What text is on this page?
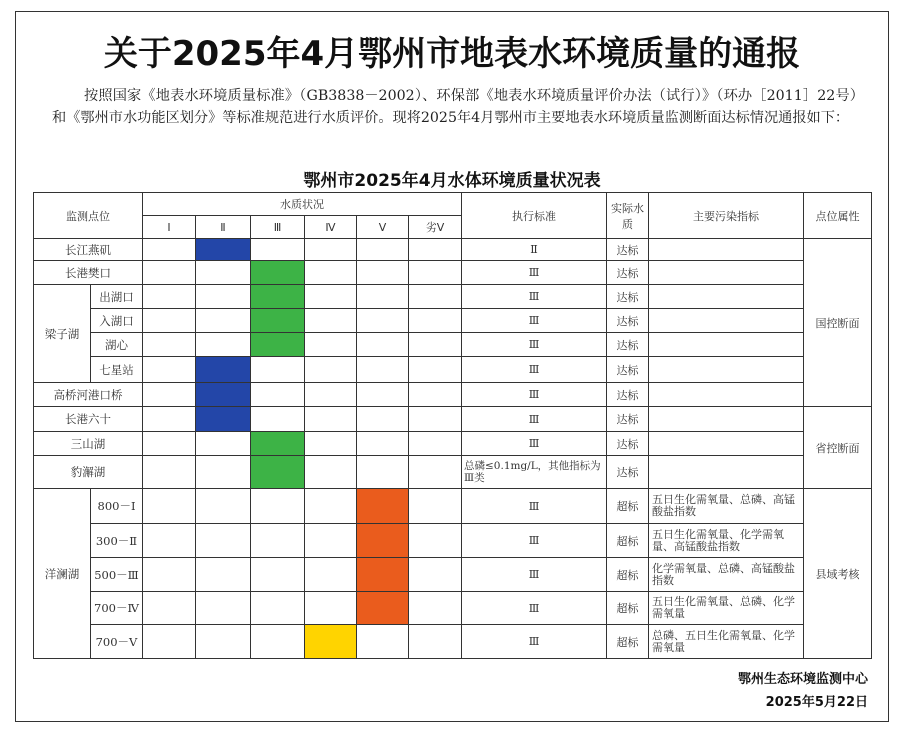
关于2025年4月鄂州市地表水环境质量的通报
按照国家《地表水环境质量标准》（GB3838－2002）、环保部《地表水环境质量评价办法（试行）》（环办［2011］22号）和《鄂州市水功能区划分》等标准规范进行水质评价。现将2025年4月鄂州市主要地表水环境质量监测断面达标情况通报如下：
鄂州市2025年4月水体环境质量状况表
监测点位		水质状况						执行标准	实际水质	主要污染指标	点位属性
		Ⅰ	Ⅱ	Ⅲ	Ⅳ	Ⅴ	劣Ⅴ				
长江燕矶								Ⅱ	达标		国控断面
长港樊口								Ⅲ	达标		
梁子湖	出湖口							Ⅲ	达标		
	入湖口							Ⅲ	达标		
	湖心							Ⅲ	达标		
	七星站							Ⅲ	达标		
高桥河港口桥								Ⅲ	达标		
长港六十								Ⅲ	达标		省控断面
三山湖								Ⅲ	达标		
豹澥湖								总磷≤0.1mg/L，其他指标为Ⅲ类	达标		
洋澜湖	800－Ⅰ							Ⅲ	超标	五日生化需氧量、总磷、高锰酸盐指数	县域考核
	300－Ⅱ							Ⅲ	超标	五日生化需氧量、化学需氧量、高锰酸盐指数	
	500－Ⅲ							Ⅲ	超标	化学需氧量、总磷、高锰酸盐指数	
	700－Ⅳ							Ⅲ	超标	五日生化需氧量、总磷、化学需氧量	
	700－Ⅴ							Ⅲ	超标	总磷、五日生化需氧量、化学需氧量	
鄂州生态环境监测中心
2025年5月22日
